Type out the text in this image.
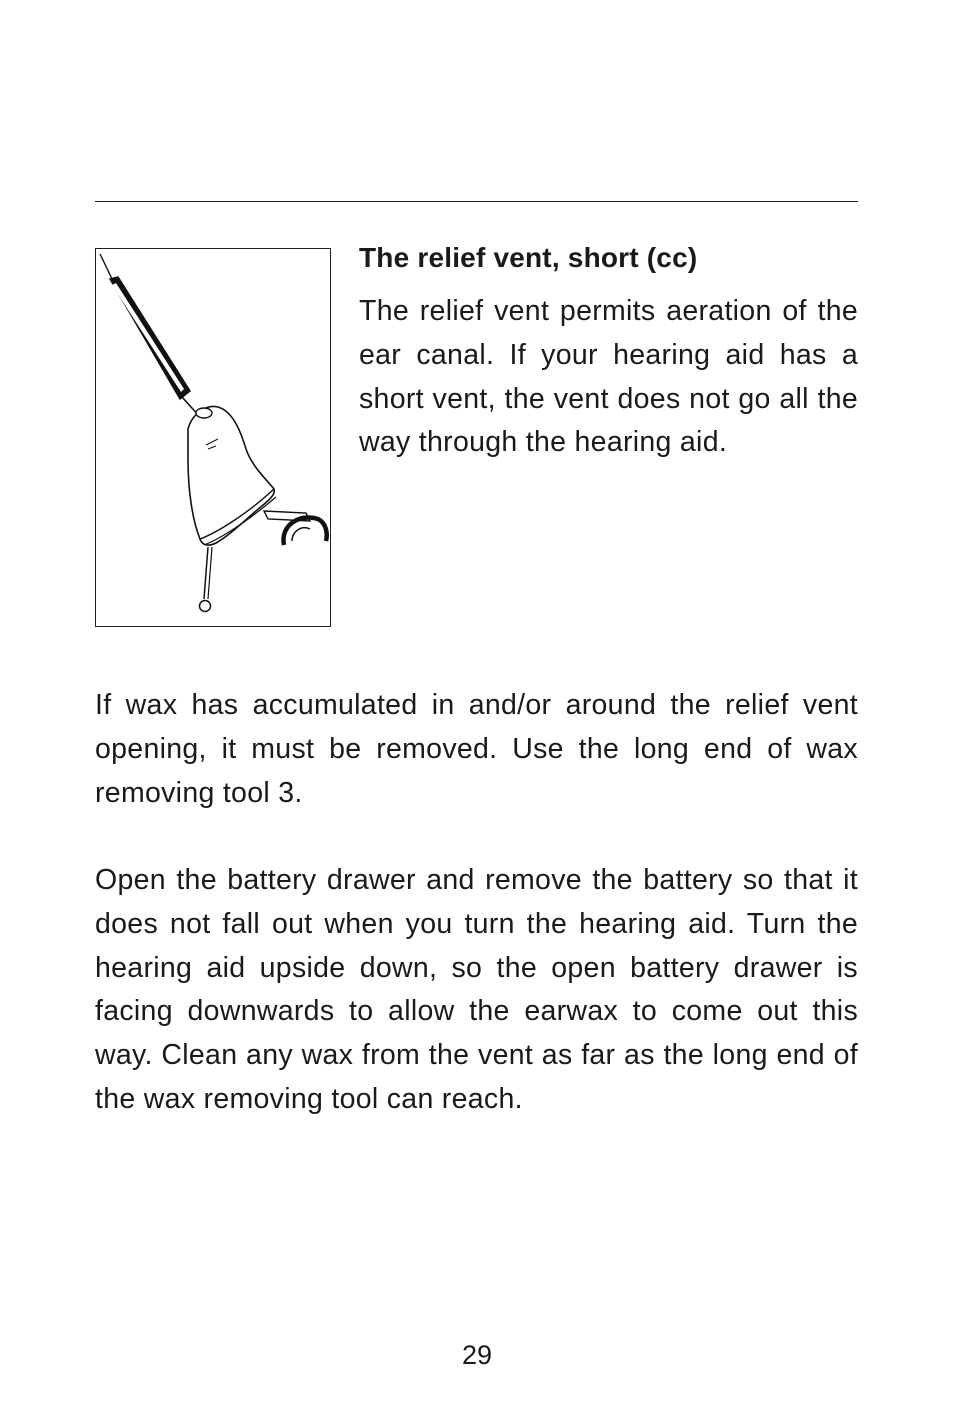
The relief vent, short (cc)

The relief vent permits aeration of the ear canal. If your hearing aid has a short vent, the vent does not go all the way through the hearing aid.

If wax has accumulated in and/or around the relief vent opening, it must be removed. Use the long end of wax removing tool 3.

Open the battery drawer and remove the battery so that it does not fall out when you turn the hearing aid. Turn the hearing aid upside down, so the open battery drawer is facing downwards to allow the earwax to come out this way. Clean any wax from the vent as far as the long end of the wax removing tool can reach.

29
